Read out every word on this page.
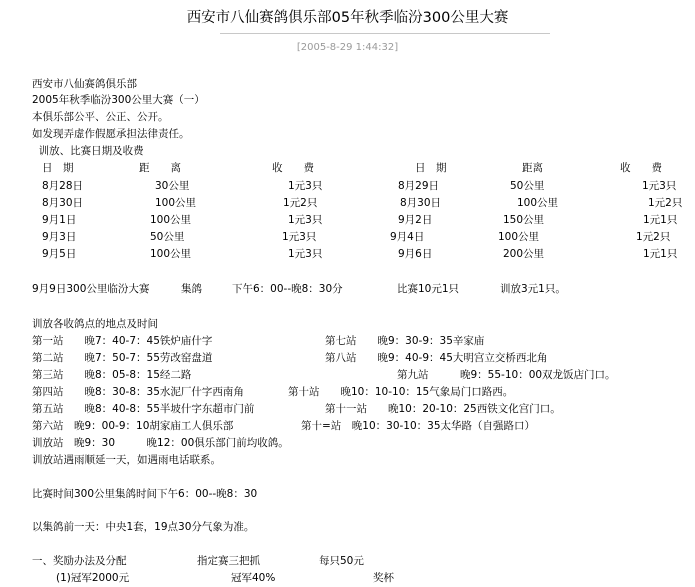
西安市八仙赛鸽俱乐部05年秋季临汾300公里大赛
[2005-8-29 1:44:32]
西安市八仙赛鸽俱乐部
2005年秋季临汾300公里大赛（一）
本俱乐部公平、公正、公开。
如发现弄虚作假愿承担法律责任。
训放、比赛日期及收费
日　期	距　　离	收　　费	日　期	距离	收　　费
8月28日	30公里	1元3只	8月29日	50公里	1元3只
8月30日	100公里	1元2只	8月30日	100公里	1元2只
9月1日	100公里	1元3只	9月2日	150公里	1元1只
9月3日	50公里	1元3只	9月4日	100公里	1元2只
9月5日	100公里	1元3只	9月6日	200公里	1元1只
9月9日300公里临汾大赛	集鸽	下午6：00--晚8：30分	比赛10元1只	训放3元1只。
训放各收鸽点的地点及时间
第一站　　晚7：40-7：45铁炉庙什字	第七站　　晚9：30-9：35辛家庙
第二站　　晚7：50-7：55劳改窑盘道	第八站　　晚9：40-9：45大明宫立交桥西北角
第三站　　晚8：05-8：15经二路	第九站　　　晚9：55-10：00双龙饭店门口。
第四站　　晚8：30-8：35水泥厂什字西南角	第十站　　晚10：10-10：15气象局门口路西。
第五站　　晚8：40-8：55半坡什字东超市门前	第十一站　　晚10：20-10：25西铁文化宫门口。
第六站　晚9：00-9：10胡家庙工人俱乐部	第十=站　晚10：30-10：35太华路（自强路口）
训放站　晚9：30　　　晚12：00俱乐部门前均收鸽。
训放站遇雨顺延一天，如遇雨电话联系。
比赛时间300公里集鸽时间下午6：00--晚8：30
以集鸽前一天：中央1套，19点30分气象为准。
一、奖励办法及分配	指定赛三把抓	每只50元
(1)冠军2000元	冠军40%	奖杯
